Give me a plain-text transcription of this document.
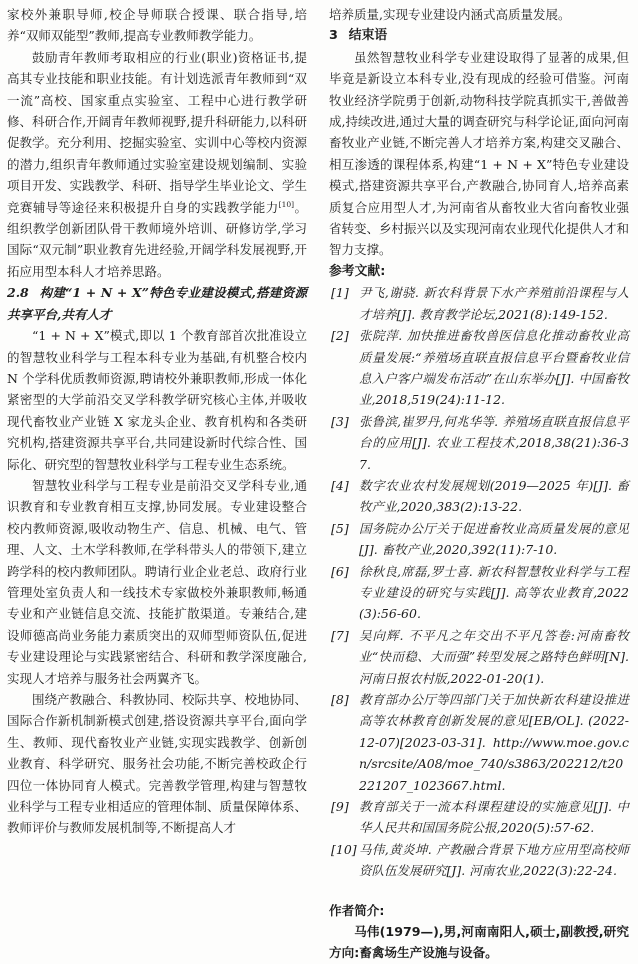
家校外兼职导师,校企导师联合授课、联合指导,培养“双师双能型”教师,提高专业教师教学能力。

鼓励青年教师考取相应的行业(职业)资格证书,提高其专业技能和职业技能。有计划选派青年教师到“双一流”高校、国家重点实验室、工程中心进行教学研修、科研合作,开阔青年教师视野,提升科研能力,以科研促教学。充分利用、挖掘实验室、实训中心等校内资源的潜力,组织青年教师通过实验室建设规划编制、实验项目开发、实践教学、科研、指导学生毕业论文、学生竞赛辅导等途径来积极提升自身的实践教学能力[10]。组织教学创新团队骨干教师境外培训、研修访学,学习国际“双元制”职业教育先进经验,开阔学科发展视野,开拓应用型本科人才培养思路。

2.8 构建“1 + N + X”特色专业建设模式,搭建资源共享平台,共有人才

“1 + N + X”模式,即以 1 个教育部首次批准设立的智慧牧业科学与工程本科专业为基础,有机整合校内 N 个学科优质教师资源,聘请校外兼职教师,形成一体化紧密型的大学前沿交叉学科教学研究核心主体,并吸收现代畜牧业产业链 X 家龙头企业、教育机构和各类研究机构,搭建资源共享平台,共同建设新时代综合性、国际化、研究型的智慧牧业科学与工程专业生态系统。

智慧牧业科学与工程专业是前沿交叉学科专业,通识教育和专业教育相互支撑,协同发展。专业建设整合校内教师资源,吸收动物生产、信息、机械、电气、管理、人文、土木学科教师,在学科带头人的带领下,建立跨学科的校内教师团队。聘请行业企业老总、政府行业管理处室负责人和一线技术专家做校外兼职教师,畅通专业和产业链信息交流、技能扩散渠道。专兼结合,建设师德高尚业务能力素质突出的双师型师资队伍,促进专业建设理论与实践紧密结合、科研和教学深度融合,实现人才培养与服务社会两翼齐飞。

围绕产教融合、科教协同、校际共享、校地协同、国际合作新机制新模式创建,搭设资源共享平台,面向学生、教师、现代畜牧业产业链,实现实践教学、创新创业教育、科学研究、服务社会功能,不断完善校政企行四位一体协同育人模式。完善教学管理,构建与智慧牧业科学与工程专业相适应的管理体制、质量保障体系、教师评价与教师发展机制等,不断提高人才

培养质量,实现专业建设内涵式高质量发展。

3 结束语

虽然智慧牧业科学专业建设取得了显著的成果,但毕竟是新设立本科专业,没有现成的经验可借鉴。河南牧业经济学院勇于创新,动物科技学院真抓实干,善做善成,持续改进,通过大量的调查研究与科学论证,面向河南畜牧业产业链,不断完善人才培养方案,构建交叉融合、相互渗透的课程体系,构建“1 + N + X”特色专业建设模式,搭建资源共享平台,产教融合,协同育人,培养高素质复合应用型人才,为河南省从畜牧业大省向畜牧业强省转变、乡村振兴以及实现河南农业现代化提供人才和智力支撑。

参考文献:

[1] 尹飞,谢骁. 新农科背景下水产养殖前沿课程与人才培养[J]. 教育教学论坛,2021(8):149-152.

[2] 张院萍. 加快推进畜牧兽医信息化推动畜牧业高质量发展:“养殖场直联直报信息平台暨畜牧业信息入户客户端发布活动”在山东举办[J]. 中国畜牧业,2018,519(24):11-12.

[3] 张鲁滨,崔罗丹,何兆华等. 养殖场直联直报信息平台的应用[J]. 农业工程技术,2018,38(21):36-37.

[4] 数字农业农村发展规划(2019—2025 年)[J]. 畜牧产业,2020,383(2):13-22.

[5] 国务院办公厅关于促进畜牧业高质量发展的意见[J]. 畜牧产业,2020,392(11):7-10.

[6] 徐秋良,席磊,罗士喜. 新农科智慧牧业科学与工程专业建设的研究与实践[J]. 高等农业教育,2022(3):56-60.

[7] 吴向辉. 不平凡之年交出不平凡答卷:河南畜牧业“快而稳、大而强”转型发展之路特色鲜明[N]. 河南日报农村版,2022-01-20(1).

[8] 教育部办公厅等四部门关于加快新农科建设推进高等农林教育创新发展的意见[EB/OL]. (2022-12-07)[2023-03-31]. http://www.moe.gov.cn/srcsite/A08/moe_740/s3863/202212/t20221207_1023667.html.

[9] 教育部关于一流本科课程建设的实施意见[J]. 中华人民共和国国务院公报,2020(5):57-62.

[10] 马伟,黄炎坤. 产教融合背景下地方应用型高校师资队伍发展研究[J]. 河南农业,2022(3):22-24.

作者简介:

马伟(1979—),男,河南南阳人,硕士,副教授,研究方向:畜禽场生产设施与设备。
